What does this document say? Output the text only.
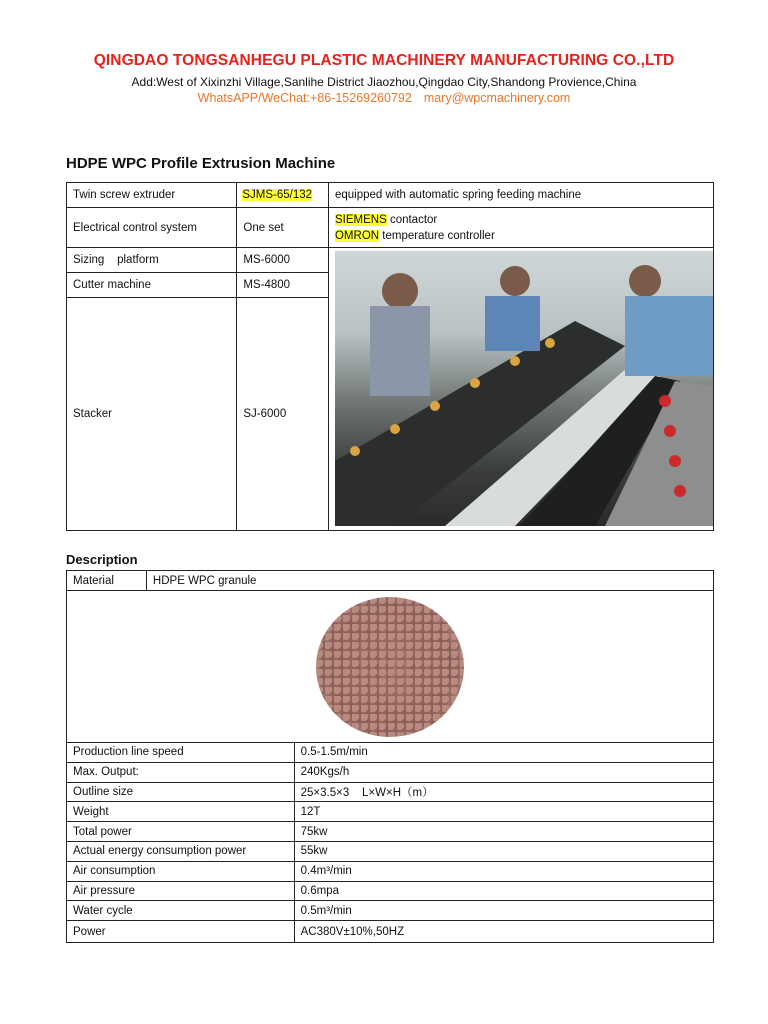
QINGDAO TONGSANHEGU PLASTIC MACHINERY MANUFACTURING CO.,LTD
Add:West of Xixinzhi Village,Sanlihe District Jiaozhou,Qingdao City,Shandong Provience,China
WhatsAPP/WeChat:+86-15269260792 mary@wpcmachinery.com
HDPE WPC Profile Extrusion Machine
Twin screw extruder	SJMS-65/132	equipped with automatic spring feeding machine
Electrical control system	One set	SIEMENS contactor
OMRON temperature controller

Sizing    platform	MS-6000	

Cutter machine	MS-4800	
Stacker	SJ-6000	
Description
Material	HDPE WPC granule	

Production line speed		0.5-1.5m/min
Max. Output:		240Kgs/h
Outline size		25×3.5×3    L×W×H（m）
Weight		12T
Total power		75kw
Actual energy consumption power		55kw
Air consumption		0.4m³/min
Air pressure		0.6mpa
Water cycle		0.5m³/min
Power		AC380V±10%,50HZ
